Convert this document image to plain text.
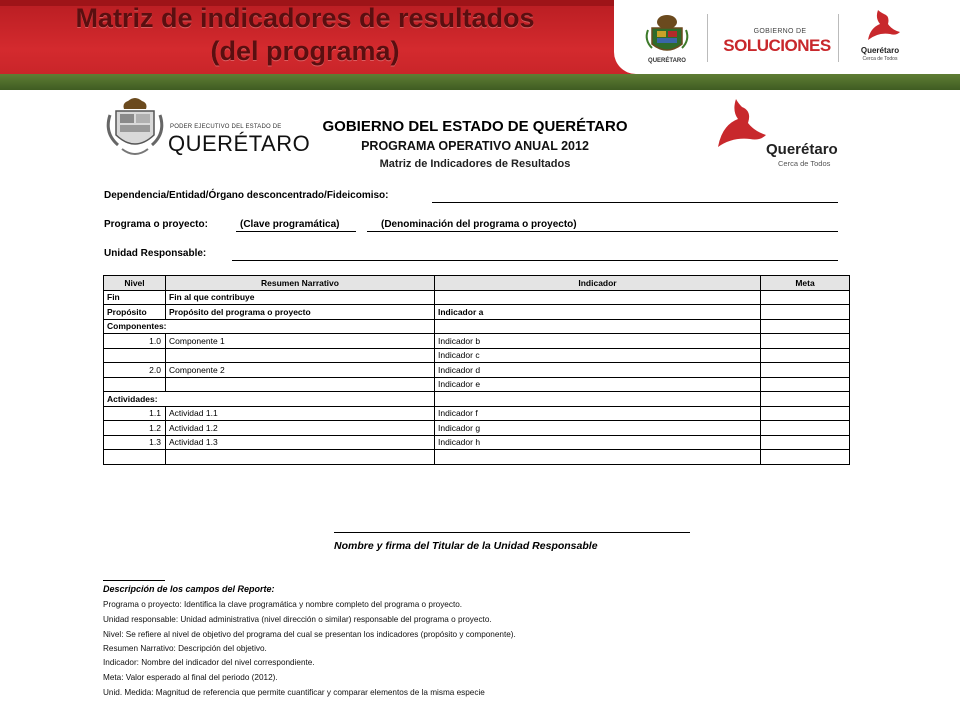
Matriz de indicadores de resultados
(del programa)	QUERÉTARO
GOBIERNO DE
SOLUCIONES	Querétaro
Cerca de Todos
PODER EJECUTIVO DEL ESTADO DE
QUERÉTARO
GOBIERNO DEL ESTADO DE QUERÉTARO
PROGRAMA OPERATIVO ANUAL 2012
Matriz de Indicadores de Resultados
Querétaro
Cerca de Todos
Dependencia/Entidad/Órgano desconcentrado/Fideicomiso:
Programa o proyecto:	(Clave programática)	(Denominación del programa o proyecto)
Unidad Responsable:
Nivel	Resumen Narrativo	Indicador	Meta
Fin	Fin al que contribuye		
Propósito	Propósito del programa o proyecto	Indicador a	
Componentes:			
1.0	Componente 1	Indicador b	
		Indicador c	
2.0	Componente 2	Indicador d	
		Indicador e	
Actividades:			
1.1	Actividad 1.1	Indicador f	
1.2	Actividad 1.2	Indicador g	
1.3	Actividad 1.3	Indicador h	

Nombre y firma del Titular de la Unidad Responsable
Descripción de los campos del Reporte:
Programa o proyecto: Identifica la clave programática y nombre completo del programa o proyecto.
Unidad responsable: Unidad administrativa (nivel dirección o similar) responsable del programa o proyecto.
Nivel: Se refiere al nivel de objetivo del programa del cual se presentan los indicadores (propósito y componente).
Resumen Narrativo: Descripción del objetivo.
Indicador: Nombre del indicador del nivel correspondiente.
Meta: Valor esperado al final del periodo (2012).
Unid. Medida: Magnitud de referencia que permite cuantificar y comparar elementos de la misma especie
